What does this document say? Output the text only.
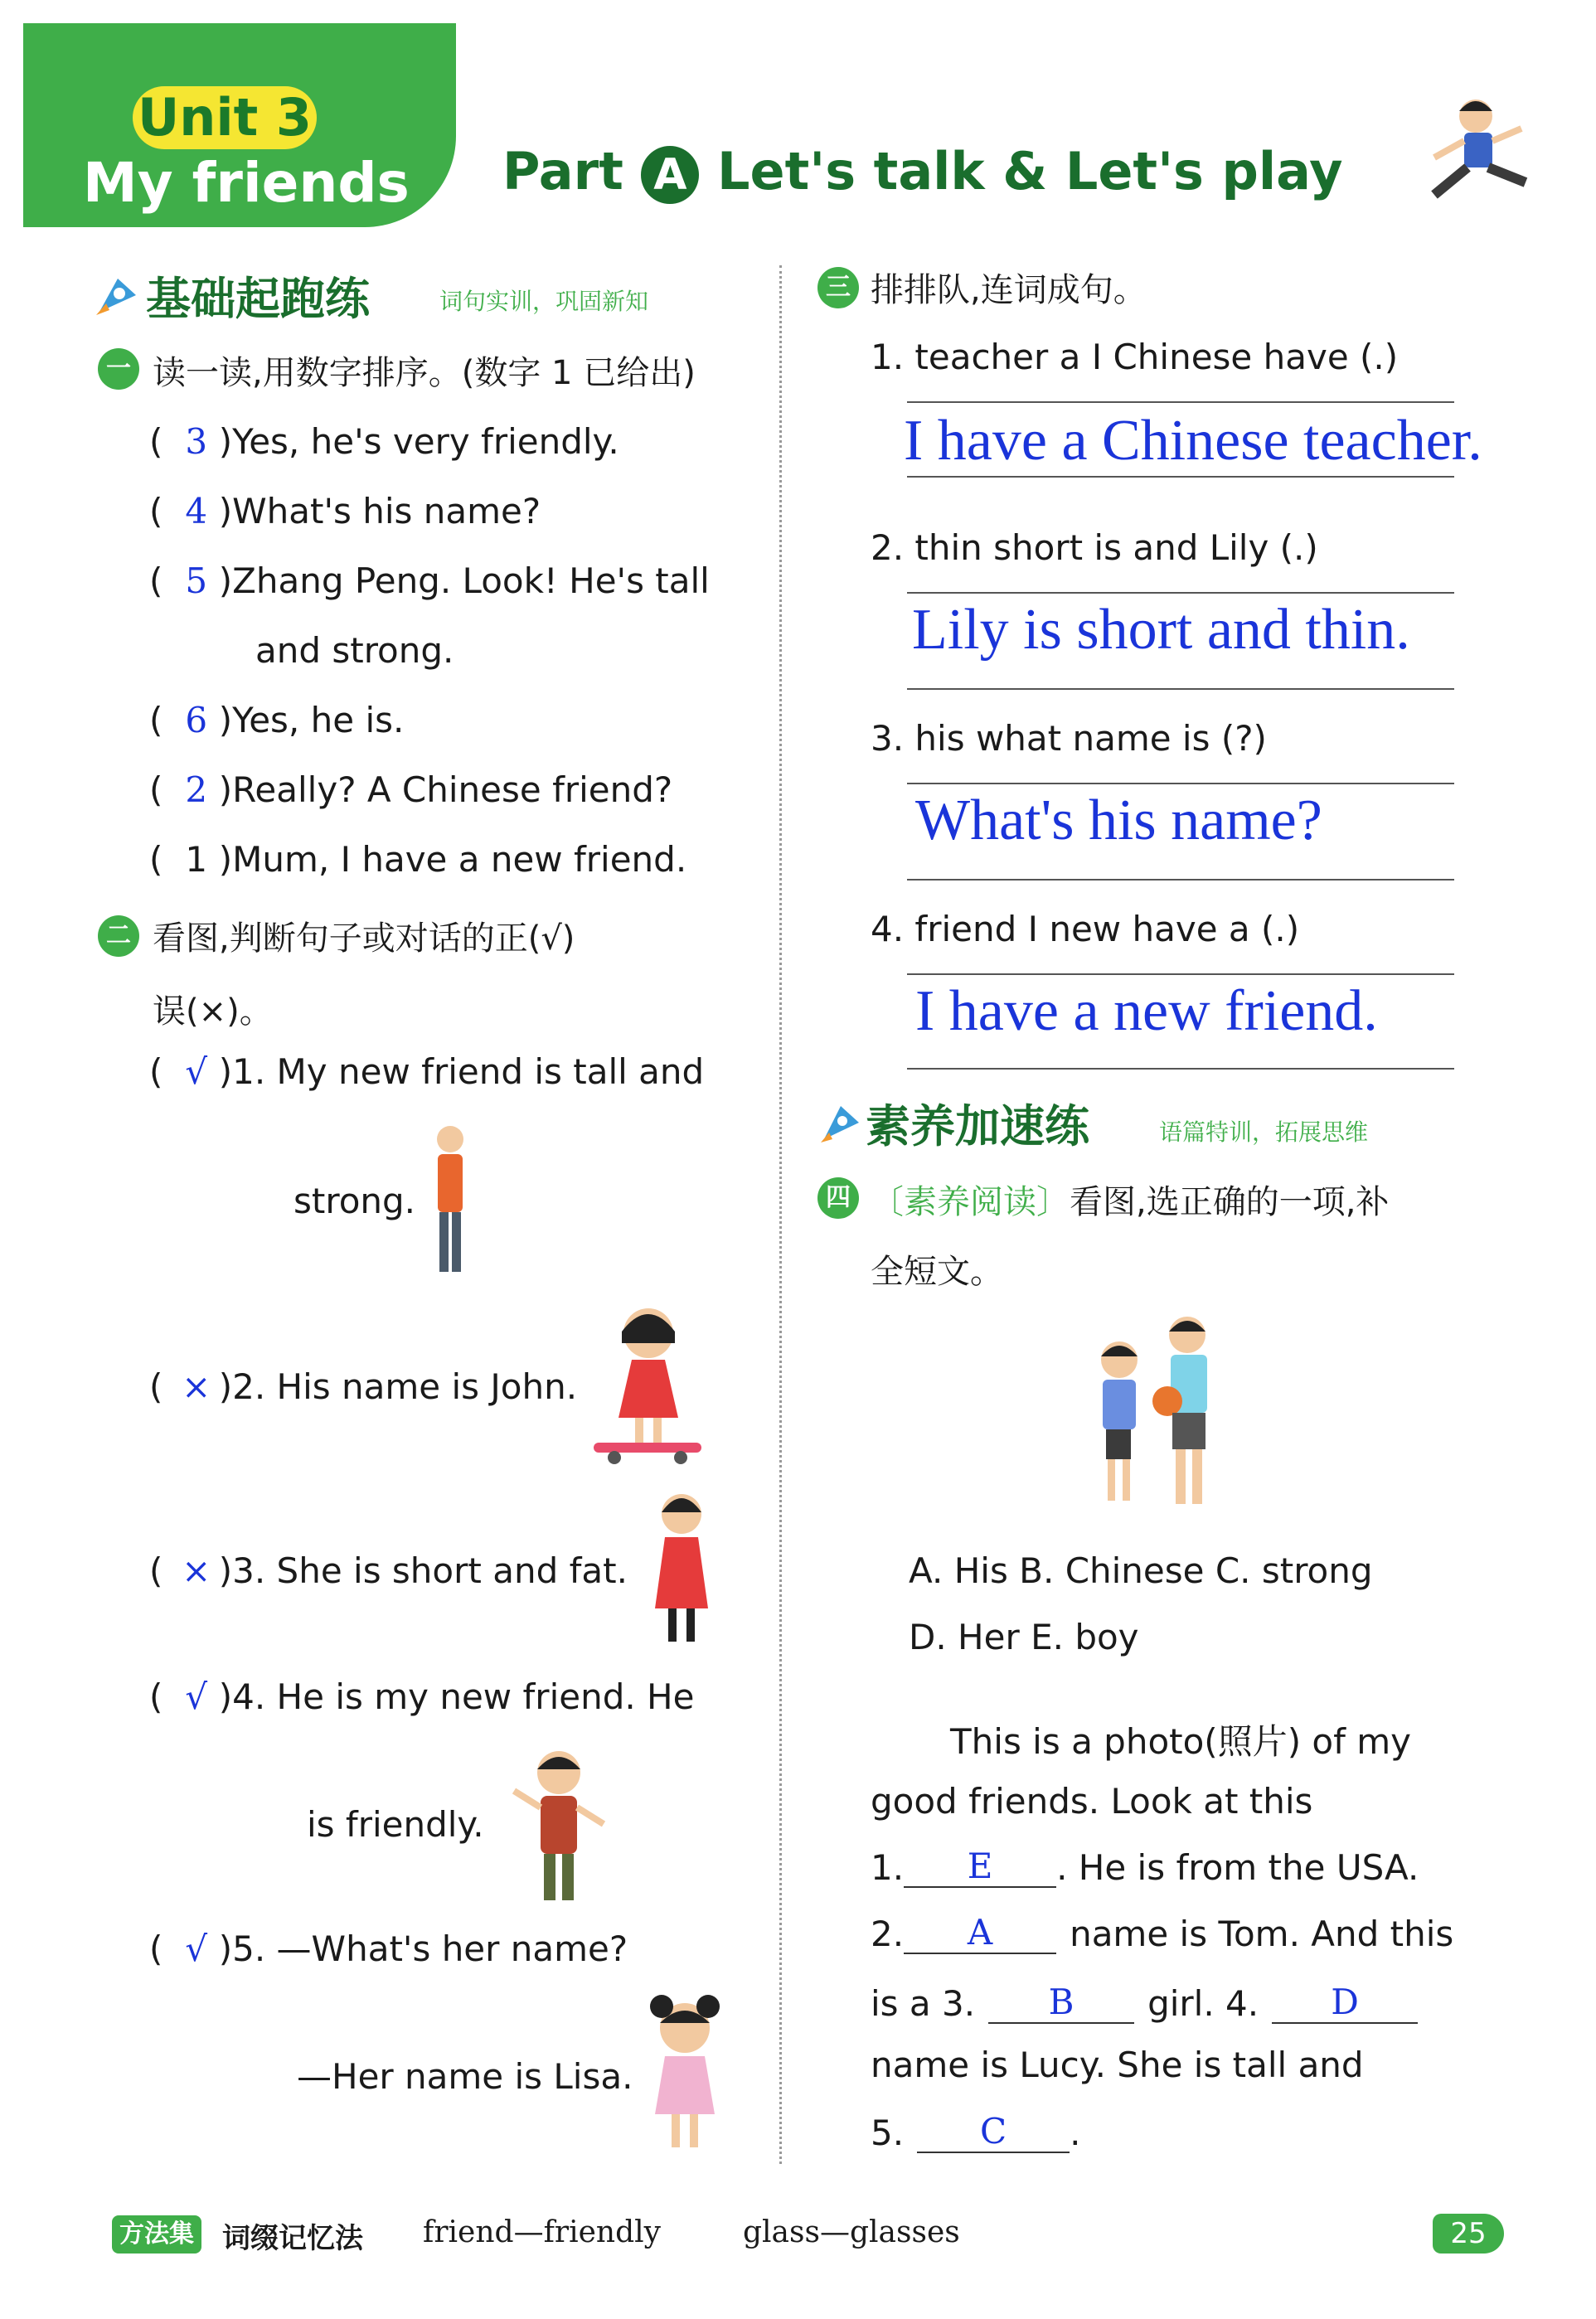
Unit 3
My friends Part A Let's talk & Let's play
基础起跑练	词句实训，巩固新知
一 读一读,用数字排序。(数字 1 已给出)
( 3 )Yes, he's very friendly.
( 4 )What's his name?
( 5 )Zhang Peng. Look! He's tall
and strong.
( 6 )Yes, he is.
( 2 )Really? A Chinese friend?
( 1 )Mum, I have a new friend.
二 看图,判断句子或对话的正(√)
误(×)。
( √ )1. My new friend is tall and
strong.
( × )2. His name is John.
( × )3. She is short and fat.
( √ )4. He is my new friend. He
is friendly.
( √ )5. —What's her name?
—Her name is Lisa.
三 排排队,连词成句。
1. teacher a I Chinese have (.)
I have a Chinese teacher.
2. thin short is and Lily (.)
Lily is short and thin.
3. his what name is (?)
What's his name?
4. friend I new have a (.)
I have a new friend.
素养加速练	语篇特训，拓展思维
四 〔素养阅读〕看图,选正确的一项,补
全短文。
A. His B. Chinese C. strong
D. Her E. boy
This is a photo(照片) of my
good friends. Look at this
1. E . He is from the USA.
2. A name is Tom. And this
is a 3. B girl. 4. D
name is Lucy. She is tall and
5. C .
方法集 词缀记忆法 friend—friendly	glass—glasses	25
